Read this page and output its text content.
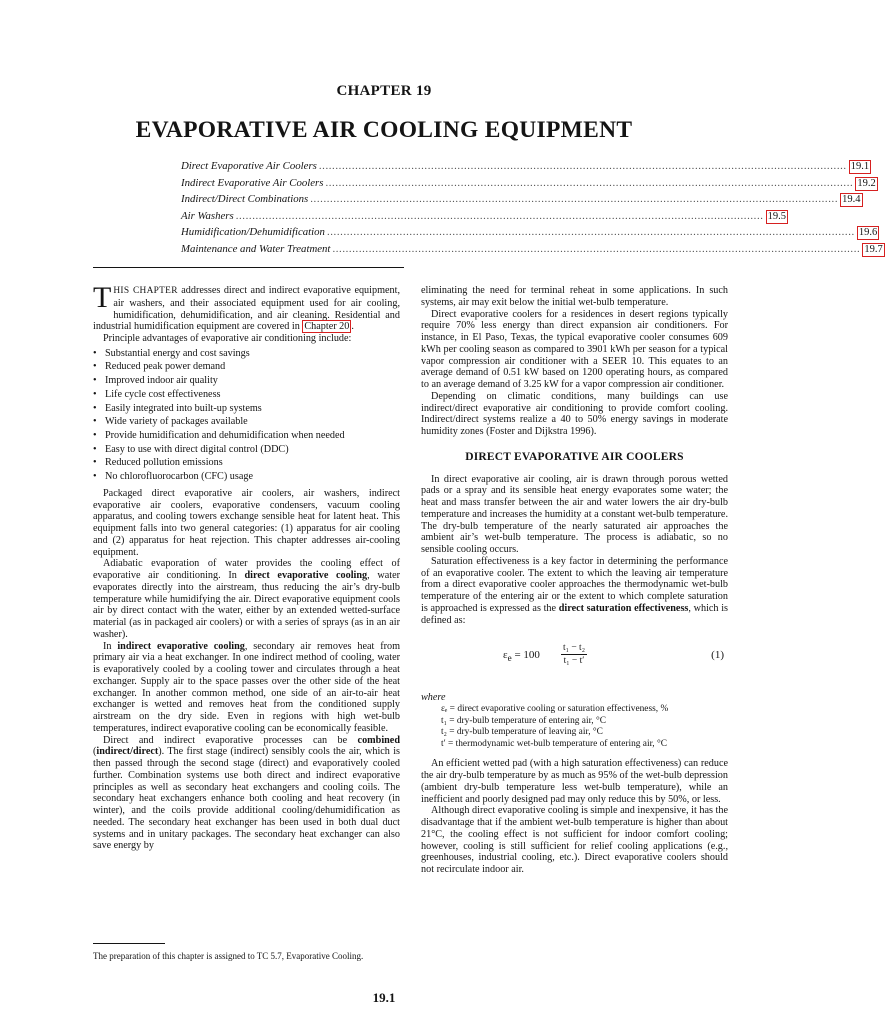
CHAPTER 19
EVAPORATIVE AIR COOLING EQUIPMENT
Direct Evaporative Air Coolers ................................................................................................................................................................ 19.1
Indirect Evaporative Air Coolers ................................................................................................................................................................ 19.2
Indirect/Direct Combinations ................................................................................................................................................................ 19.4
Air Washers ................................................................................................................................................................ 19.5
Humidification/Dehumidification ................................................................................................................................................................ 19.6
Maintenance and Water Treatment ................................................................................................................................................................ 19.7

THIS CHAPTER addresses direct and indirect evaporative equipment, air washers, and their associated equipment used for air cooling, humidification, dehumidification, and air cleaning. Residential and industrial humidification equipment are covered in Chapter 20 .

Principle advantages of evaporative air conditioning include:

• Substantial energy and cost savings
• Reduced peak power demand
• Improved indoor air quality
• Life cycle cost effectiveness
• Easily integrated into built-up systems
• Wide variety of packages available
• Provide humidification and dehumidification when needed
• Easy to use with direct digital control (DDC)
• Reduced pollution emissions
• No chlorofluorocarbon (CFC) usage

Packaged direct evaporative air coolers, air washers, indirect evaporative air coolers, evaporative condensers, vacuum cooling apparatus, and cooling towers exchange sensible heat for latent heat. This equipment falls into two general categories: (1) apparatus for air cooling and (2) apparatus for heat rejection. This chapter addresses air-cooling equipment.

Adiabatic evaporation of water provides the cooling effect of evaporative air conditioning. In direct evaporative cooling, water evaporates directly into the airstream, thus reducing the air’s dry-bulb temperature while humidifying the air. Direct evaporative equipment cools air by direct contact with the water, either by an extended wetted-surface material (as in packaged air coolers) or with a series of sprays (as in an air washer).

In indirect evaporative cooling, secondary air removes heat from primary air via a heat exchanger. In one indirect method of cooling, water is evaporatively cooled by a cooling tower and circulates through a heat exchanger. Supply air to the space passes over the other side of the heat exchanger. In another common method, one side of an air-to-air heat exchanger is wetted and removes heat from the conditioned supply airstream on the dry side. Even in regions with high wet-bulb temperatures, indirect evaporative cooling can be economically feasible.

Direct and indirect evaporative processes can be combined (indirect/direct). The first stage (indirect) sensibly cools the air, which is then passed through the second stage (direct) and evaporatively cooled further. Combination systems use both direct and indirect evaporative principles as well as secondary heat exchangers and cooling coils. The secondary heat exchangers enhance both cooling and heat recovery (in winter), and the coils provide additional cooling/dehumidification as needed. The secondary heat exchanger has been used in both dual duct systems and in unitary packages. The secondary heat exchanger can also save energy by

eliminating the need for terminal reheat in some applications. In such systems, air may exit below the initial wet-bulb temperature.

Direct evaporative coolers for a residences in desert regions typically require 70% less energy than direct expansion air conditioners. For instance, in El Paso, Texas, the typical evaporative cooler consumes 609 kWh per cooling season as compared to 3901 kWh per season for a typical vapor compression air conditioner with a SEER 10. This equates to an average demand of 0.51 kW based on 1200 operating hours, as compared to an average demand of 3.25 kW for a vapor compression air conditioner.

Depending on climatic conditions, many buildings can use indirect/direct evaporative air conditioning to provide comfort cooling. Indirect/direct systems realize a 40 to 50% energy savings in moderate humidity zones (Foster and Dijkstra 1996).

DIRECT EVAPORATIVE AIR COOLERS

In direct evaporative air cooling, air is drawn through porous wetted pads or a spray and its sensible heat energy evaporates some water; the heat and mass transfer between the air and water lowers the air dry-bulb temperature and increases the humidity at a constant wet-bulb temperature. The dry-bulb temperature of the nearly saturated air approaches the ambient air’s wet-bulb temperature. The process is adiabatic, so no sensible cooling occurs.

Saturation effectiveness is a key factor in determining the performance of an evaporative cooler. The extent to which the leaving air temperature from a direct evaporative cooler approaches the thermodynamic wet-bulb temperature of the entering air or the extent to which complete saturation is approached is expressed as the direct saturation effectiveness, which is defined as:

$\varepsilon_e = 100 \frac{\text{t₁ − t₂}}{\text{t₁ − t′}}$	(1)

where

εₑ = direct evaporative cooling or saturation effectiveness, %
t₁ = dry-bulb temperature of entering air, °C
t₂ = dry-bulb temperature of leaving air, °C
t′ = thermodynamic wet-bulb temperature of entering air, °C

An efficient wetted pad (with a high saturation effectiveness) can reduce the air dry-bulb temperature by as much as 95% of the wet-bulb depression (ambient dry-bulb temperature less wet-bulb temperature), while an inefficient and poorly designed pad may only reduce this by 50%, or less.

Although direct evaporative cooling is simple and inexpensive, it has the disadvantage that if the ambient wet-bulb temperature is higher than about 21°C, the cooling effect is not sufficient for indoor comfort cooling; however, cooling is still sufficient for relief cooling applications (e.g., greenhouses, industrial cooling, etc.). Direct evaporative coolers should not recirculate indoor air.

The preparation of this chapter is assigned to TC 5.7, Evaporative Cooling.
19.1
